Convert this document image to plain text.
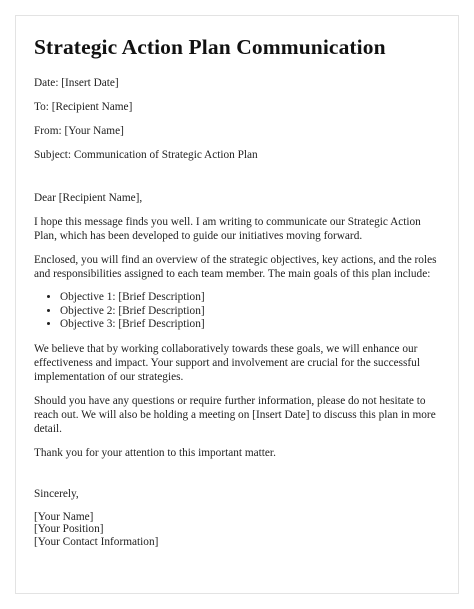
Strategic Action Plan Communication
Date: [Insert Date]
To: [Recipient Name]
From: [Your Name]
Subject: Communication of Strategic Action Plan

Dear [Recipient Name],

I hope this message finds you well. I am writing to communicate our Strategic Action Plan, which has been developed to guide our initiatives moving forward.

Enclosed, you will find an overview of the strategic objectives, key actions, and the roles and responsibilities assigned to each team member. The main goals of this plan include:

• Objective 1: [Brief Description]
• Objective 2: [Brief Description]
• Objective 3: [Brief Description]

We believe that by working collaboratively towards these goals, we will enhance our effectiveness and impact. Your support and involvement are crucial for the successful implementation of our strategies.

Should you have any questions or require further information, please do not hesitate to reach out. We will also be holding a meeting on [Insert Date] to discuss this plan in more detail.

Thank you for your attention to this important matter.

Sincerely,

[Your Name]
[Your Position]
[Your Contact Information]
